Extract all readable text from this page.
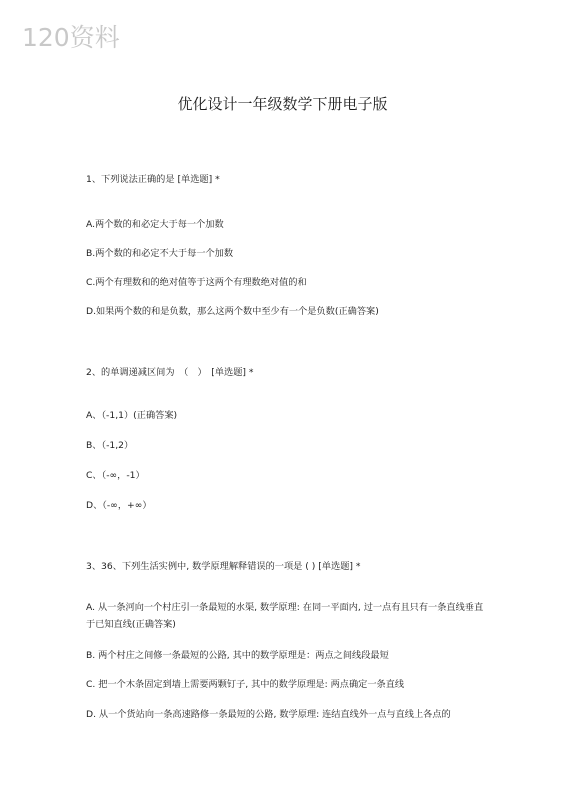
120资料
优化设计一年级数学下册电子版
1、下列说法正确的是 [单选题] *
A.两个数的和必定大于每一个加数
B.两个数的和必定不大于每一个加数
C.两个有理数和的绝对值等于这两个有理数绝对值的和
D.如果两个数的和是负数，那么这两个数中至少有一个是负数(正确答案)
2、的单调递减区间为　（　）　[单选题] *
A、（-1,1）(正确答案)
B、（-1,2）
C、（-∞，-1）
D、（-∞，+∞）
3、36、下列生活实例中, 数学原理解释错误的一项是 ( ) [单选题] *
A. 从一条河向一个村庄引一条最短的水渠, 数学原理: 在同一平面内, 过一点有且只有一条直线垂直于已知直线(正确答案)
B. 两个村庄之间修一条最短的公路, 其中的数学原理是：两点之间线段最短
C. 把一个木条固定到墙上需要两颗钉子, 其中的数学原理是: 两点确定一条直线
D. 从一个货站向一条高速路修一条最短的公路, 数学原理: 连结直线外一点与直线上各点的
